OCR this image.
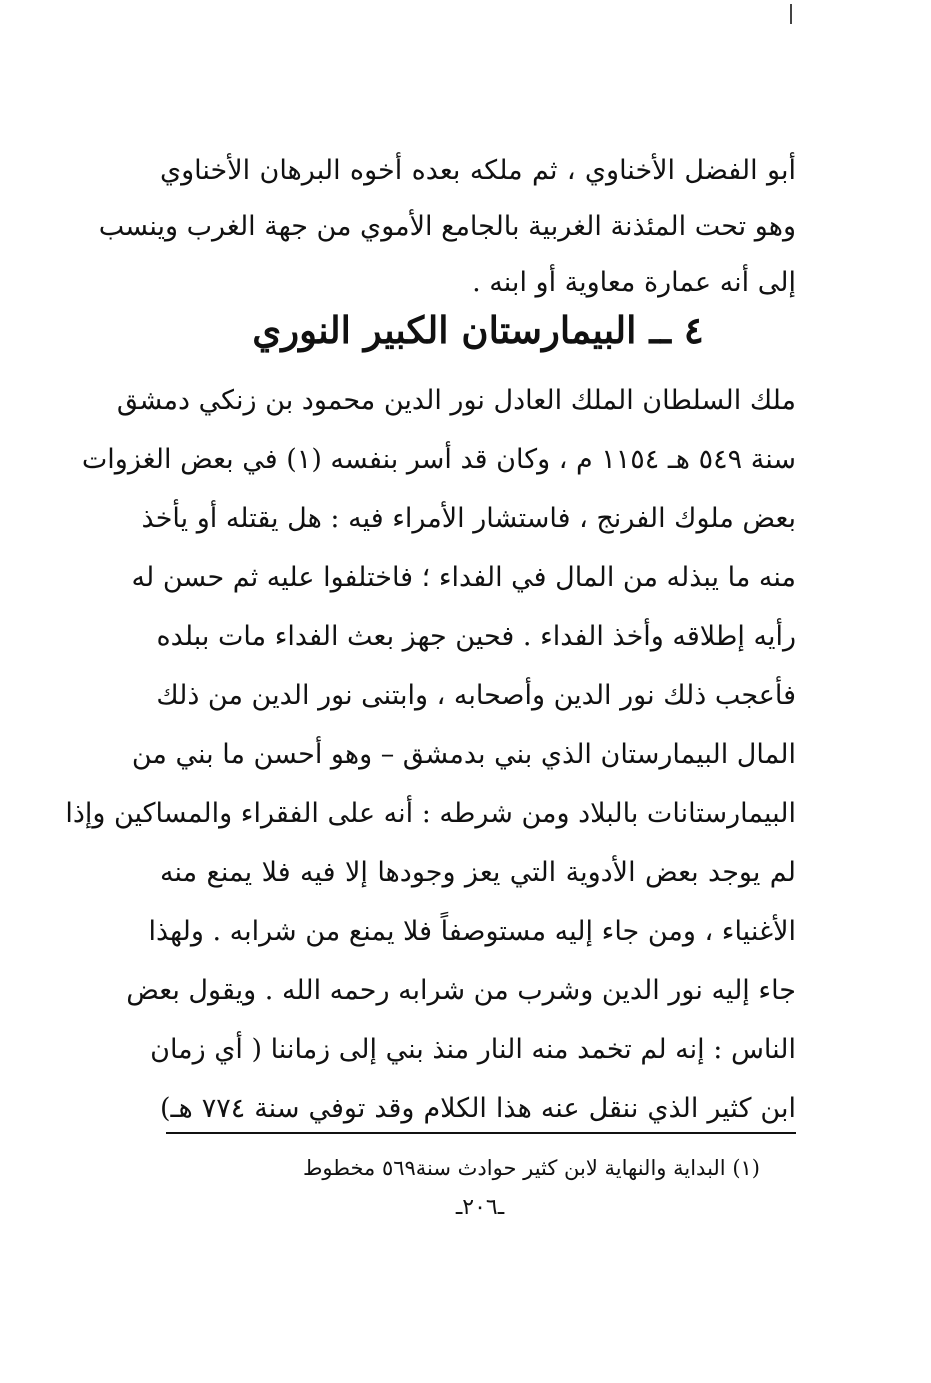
أبو الفضل الأخناوي ، ثم ملكه بعده أخوه البرهان الأخناوي
وهو تحت المئذنة الغربية بالجامع الأموي من جهة الغرب وينسب
إلى أنه عمارة معاوية أو ابنه .
٤ ــ البيمارستان الكبير النوري
ملك السلطان الملك العادل نور الدين محمود بن زنكي دمشق
سنة ٥٤٩ هـ ١١٥٤ م ، وكان قد أسر بنفسه (١) في بعض الغزوات
بعض ملوك الفرنج ، فاستشار الأمراء فيه : هل يقتله أو يأخذ
منه ما يبذله من المال في الفداء ؛ فاختلفوا عليه ثم حسن له
رأيه إطلاقه وأخذ الفداء . فحين جهز بعث الفداء مات ببلده
فأعجب ذلك نور الدين وأصحابه ، وابتنى نور الدين من ذلك
المال البيمارستان الذي بني بدمشق – وهو أحسن ما بني من
البيمارستانات بالبلاد ومن شرطه : أنه على الفقراء والمساكين وإذا
لم يوجد بعض الأدوية التي يعز وجودها إلا فيه فلا يمنع منه
الأغنياء ، ومن جاء إليه مستوصفاً فلا يمنع من شرابه . ولهذا
جاء إليه نور الدين وشرب من شرابه رحمه الله . ويقول بعض
الناس : إنه لم تخمد منه النار منذ بني إلى زماننا ( أي زمان
ابن كثير الذي ننقل عنه هذا الكلام وقد توفي سنة ٧٧٤ هـ)
(١) البداية والنهاية لابن كثير حوادث سنة٥٦٩ مخطوط
ـ٢٠٦ـ
